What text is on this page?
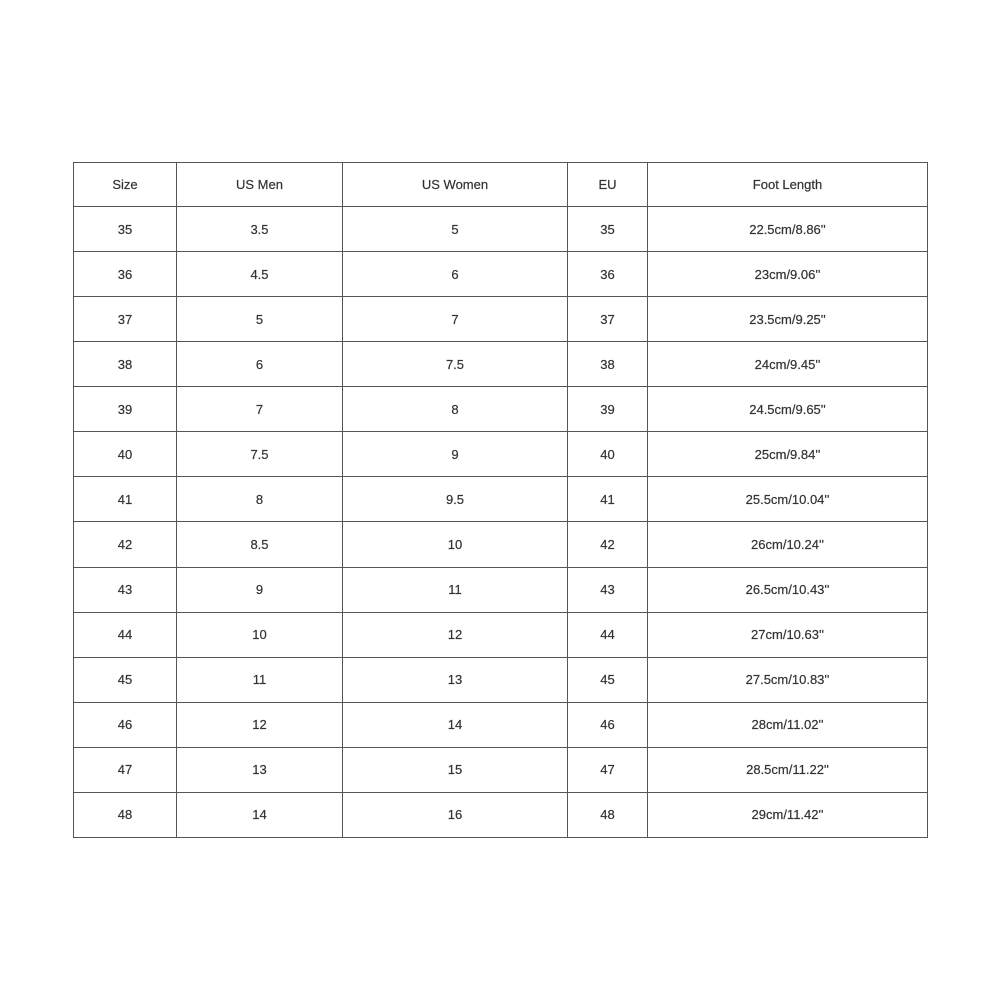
Size	US Men	US Women	EU	Foot Length
35	3.5	5	35	22.5cm/8.86''
36	4.5	6	36	23cm/9.06''
37	5	7	37	23.5cm/9.25''
38	6	7.5	38	24cm/9.45''
39	7	8	39	24.5cm/9.65''
40	7.5	9	40	25cm/9.84''
41	8	9.5	41	25.5cm/10.04''
42	8.5	10	42	26cm/10.24''
43	9	11	43	26.5cm/10.43''
44	10	12	44	27cm/10.63''
45	11	13	45	27.5cm/10.83''
46	12	14	46	28cm/11.02''
47	13	15	47	28.5cm/11.22''
48	14	16	48	29cm/11.42''
